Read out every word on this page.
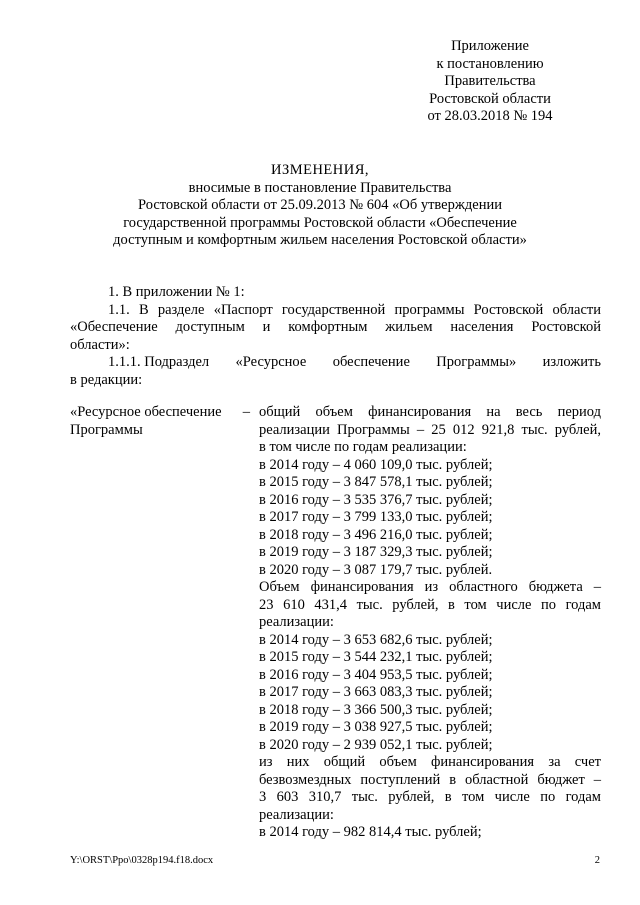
Приложение
к постановлению
Правительства
Ростовской области
от 28.03.2018 № 194
ИЗМЕНЕНИЯ,
вносимые в постановление Правительства
Ростовской области от 25.09.2013 № 604 «Об утверждении
государственной программы Ростовской области «Обеспечение
доступным и комфортным жильем населения Ростовской области»
1. В приложении № 1:
1.1. В разделе «Паспорт государственной программы Ростовской области
«Обеспечение доступным и комфортным жильем населения Ростовской
области»:
1.1.1. Подраздел «Ресурсное обеспечение Программы» изложить
в редакции:
«Ресурсное обеспечение –
Программы
общий объем финансирования на весь период
реализации Программы – 25 012 921,8 тыс. рублей,
в том числе по годам реализации:
в 2014 году – 4 060 109,0 тыс. рублей;
в 2015 году – 3 847 578,1 тыс. рублей;
в 2016 году – 3 535 376,7 тыс. рублей;
в 2017 году – 3 799 133,0 тыс. рублей;
в 2018 году – 3 496 216,0 тыс. рублей;
в 2019 году – 3 187 329,3 тыс. рублей;
в 2020 году – 3 087 179,7 тыс. рублей.
Объем финансирования из областного бюджета –
23 610 431,4 тыс. рублей, в том числе по годам
реализации:
в 2014 году – 3 653 682,6 тыс. рублей;
в 2015 году – 3 544 232,1 тыс. рублей;
в 2016 году – 3 404 953,5 тыс. рублей;
в 2017 году – 3 663 083,3 тыс. рублей;
в 2018 году – 3 366 500,3 тыс. рублей;
в 2019 году – 3 038 927,5 тыс. рублей;
в 2020 году – 2 939 052,1 тыс. рублей;
из них общий объем финансирования за счет
безвозмездных поступлений в областной бюджет –
3 603 310,7 тыс. рублей, в том числе по годам
реализации:
в 2014 году – 982 814,4 тыс. рублей;
Y:\ORST\Ppo\0328p194.f18.docx	2
